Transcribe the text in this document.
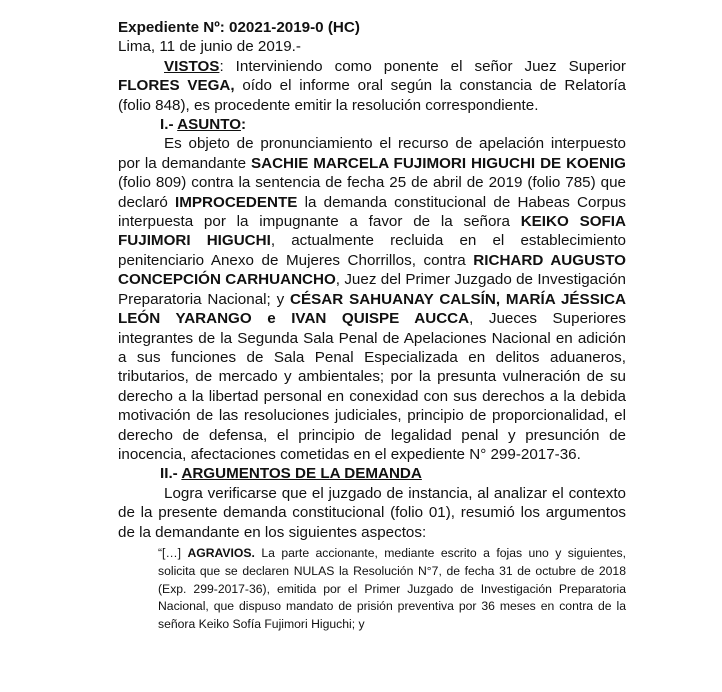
Expediente Nº: 02021-2019-0 (HC)

Lima, 11 de junio de 2019.-

VISTOS: Interviniendo como ponente el señor Juez Superior FLORES VEGA, oído el informe oral según la constancia de Relatoría (folio 848), es procedente emitir la resolución correspondiente.

I.- ASUNTO:

Es objeto de pronunciamiento el recurso de apelación interpuesto por la demandante SACHIE MARCELA FUJIMORI HIGUCHI DE KOENIG (folio 809) contra la sentencia de fecha 25 de abril de 2019 (folio 785) que declaró IMPROCEDENTE la demanda constitucional de Habeas Corpus interpuesta por la impugnante a favor de la señora KEIKO SOFIA FUJIMORI HIGUCHI, actualmente recluida en el establecimiento penitenciario Anexo de Mujeres Chorrillos, contra RICHARD AUGUSTO CONCEPCIÓN CARHUANCHO, Juez del Primer Juzgado de Investigación Preparatoria Nacional; y CÉSAR SAHUANAY CALSÍN, MARÍA JÉSSICA LEÓN YARANGO e IVAN QUISPE AUCCA, Jueces Superiores integrantes de la Segunda Sala Penal de Apelaciones Nacional en adición a sus funciones de Sala Penal Especializada en delitos aduaneros, tributarios, de mercado y ambientales; por la presunta vulneración de su derecho a la libertad personal en conexidad con sus derechos a la debida motivación de las resoluciones judiciales, principio de proporcionalidad, el derecho de defensa, el principio de legalidad penal y presunción de inocencia, afectaciones cometidas en el expediente N° 299-2017-36.

II.- ARGUMENTOS DE LA DEMANDA

Logra verificarse que el juzgado de instancia, al analizar el contexto de la presente demanda constitucional (folio 01), resumió los argumentos de la demandante en los siguientes aspectos:

“[…] AGRAVIOS. La parte accionante, mediante escrito a fojas uno y siguientes, solicita que se declaren NULAS la Resolución N°7, de fecha 31 de octubre de 2018 (Exp. 299-2017-36), emitida por el Primer Juzgado de Investigación Preparatoria Nacional, que dispuso mandato de prisión preventiva por 36 meses en contra de la señora Keiko Sofía Fujimori Higuchi; y
